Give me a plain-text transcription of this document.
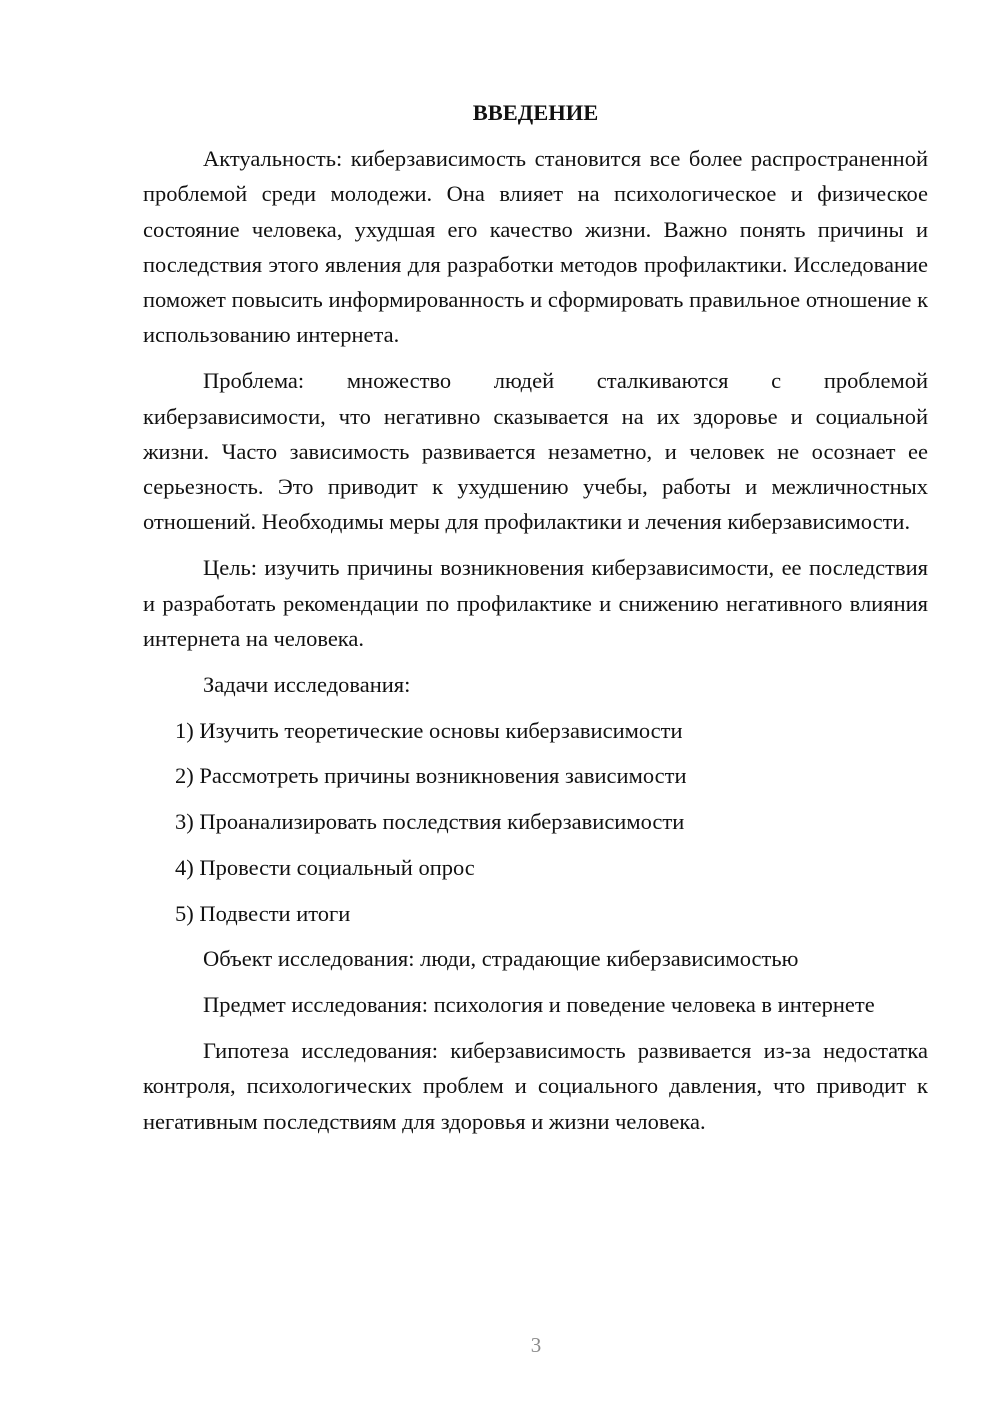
ВВЕДЕНИЕ

Актуальность: киберзависимость становится все более распространенной проблемой среди молодежи. Она влияет на психологическое и физическое состояние человека, ухудшая его качество жизни. Важно понять причины и последствия этого явления для разработки методов профилактики. Исследование поможет повысить информированность и сформировать правильное отношение к использованию интернета.

Проблема: множество людей сталкиваются с проблемой киберзависимости, что негативно сказывается на их здоровье и социальной жизни. Часто зависимость развивается незаметно, и человек не осознает ее серьезность. Это приводит к ухудшению учебы, работы и межличностных отношений. Необходимы меры для профилактики и лечения киберзависимости.

Цель: изучить причины возникновения киберзависимости, ее последствия и разработать рекомендации по профилактике и снижению негативного влияния интернета на человека.

Задачи исследования:

1) Изучить теоретические основы киберзависимости

2) Рассмотреть причины возникновения зависимости

3) Проанализировать последствия киберзависимости

4) Провести социальный опрос

5) Подвести итоги

Объект исследования: люди, страдающие киберзависимостью

Предмет исследования: психология и поведение человека в интернете

Гипотеза исследования: киберзависимость развивается из-за недостатка контроля, психологических проблем и социального давления, что приводит к негативным последствиям для здоровья и жизни человека.

3
